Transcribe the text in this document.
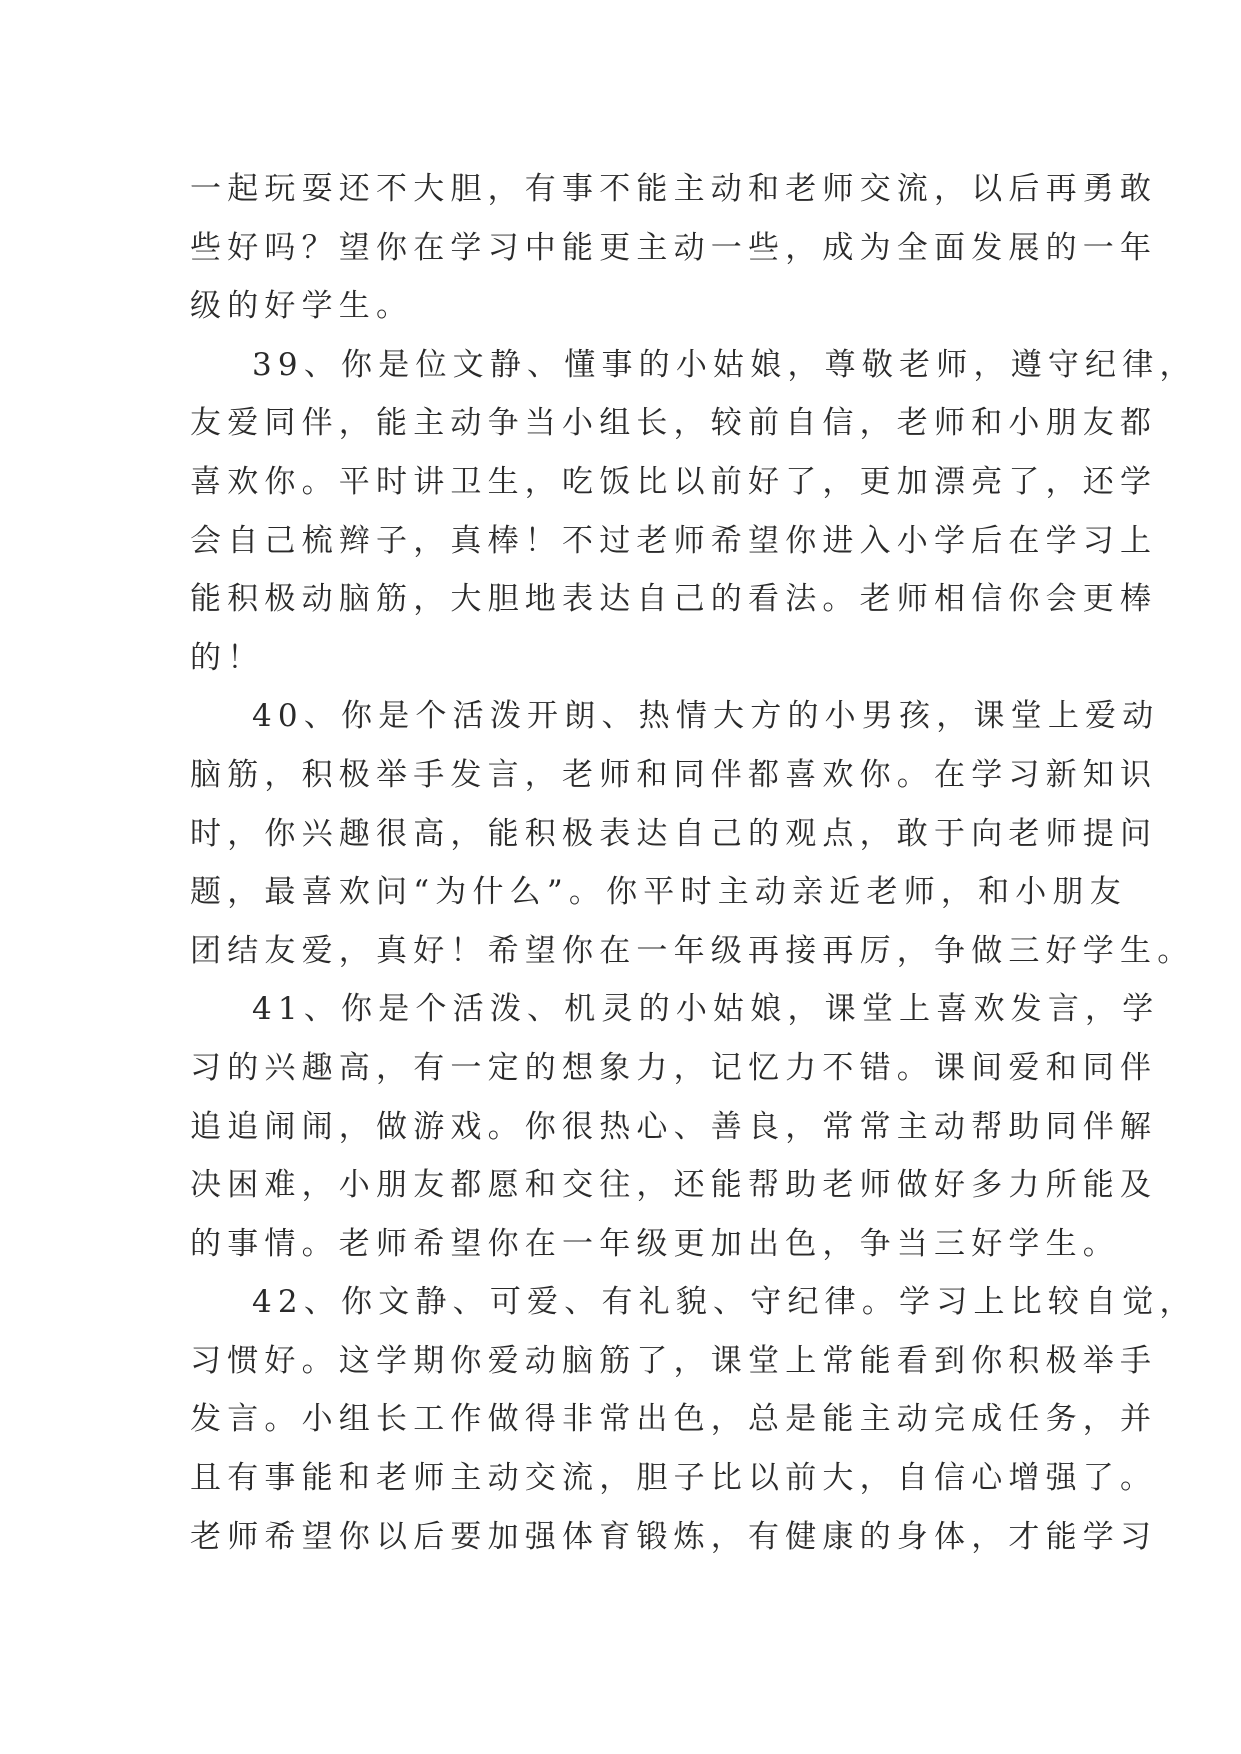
一起玩耍还不大胆，有事不能主动和老师交流，以后再勇敢
些好吗？望你在学习中能更主动一些，成为全面发展的一年
级的好学生。
39、你是位文静、懂事的小姑娘，尊敬老师，遵守纪律，
友爱同伴，能主动争当小组长，较前自信，老师和小朋友都
喜欢你。平时讲卫生，吃饭比以前好了，更加漂亮了，还学
会自己梳辫子，真棒！不过老师希望你进入小学后在学习上
能积极动脑筋，大胆地表达自己的看法。老师相信你会更棒
的！
40、你是个活泼开朗、热情大方的小男孩，课堂上爱动
脑筋，积极举手发言，老师和同伴都喜欢你。在学习新知识
时，你兴趣很高，能积极表达自己的观点，敢于向老师提问
题，最喜欢问“为什么”。你平时主动亲近老师，和小朋友
团结友爱，真好！希望你在一年级再接再厉，争做三好学生。
41、你是个活泼、机灵的小姑娘，课堂上喜欢发言，学
习的兴趣高，有一定的想象力，记忆力不错。课间爱和同伴
追追闹闹，做游戏。你很热心、善良，常常主动帮助同伴解
决困难，小朋友都愿和交往，还能帮助老师做好多力所能及
的事情。老师希望你在一年级更加出色，争当三好学生。
42、你文静、可爱、有礼貌、守纪律。学习上比较自觉，
习惯好。这学期你爱动脑筋了，课堂上常能看到你积极举手
发言。小组长工作做得非常出色，总是能主动完成任务，并
且有事能和老师主动交流，胆子比以前大，自信心增强了。
老师希望你以后要加强体育锻炼，有健康的身体，才能学习
